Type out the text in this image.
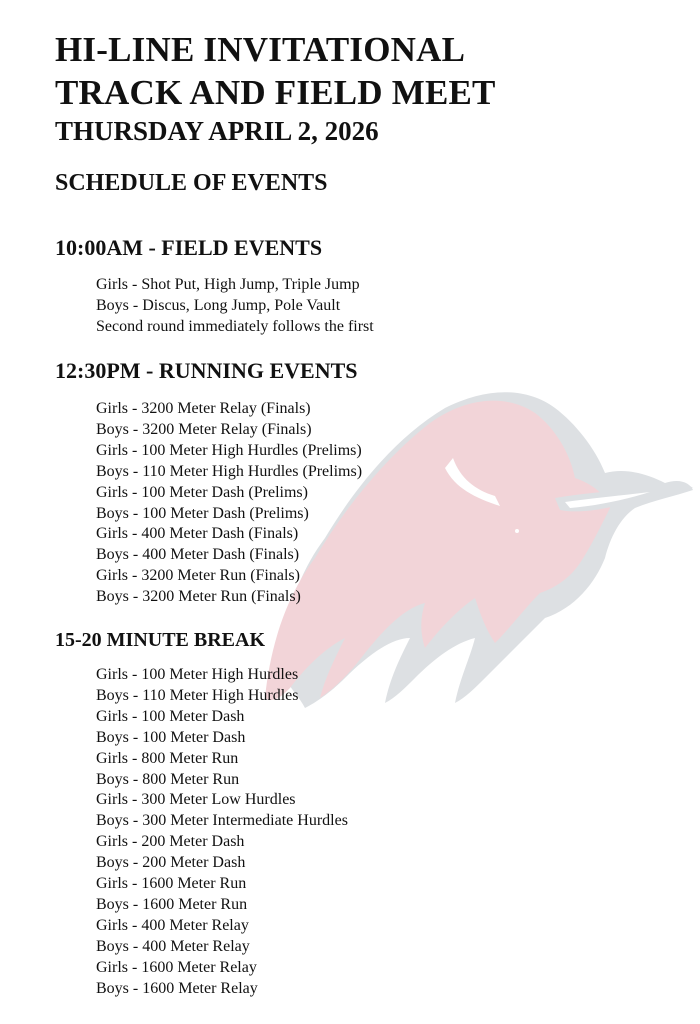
HI-LINE INVITATIONAL
TRACK AND FIELD MEET
THURSDAY APRIL 2, 2026
SCHEDULE OF EVENTS
10:00AM - FIELD EVENTS
Girls - Shot Put, High Jump, Triple Jump
Boys - Discus, Long Jump, Pole Vault
Second round immediately follows the first
12:30PM - RUNNING EVENTS
Girls - 3200 Meter Relay (Finals)
Boys - 3200 Meter Relay (Finals)
Girls - 100 Meter High Hurdles (Prelims)
Boys - 110 Meter High Hurdles (Prelims)
Girls - 100 Meter Dash (Prelims)
Boys - 100 Meter Dash (Prelims)
Girls - 400 Meter Dash (Finals)
Boys - 400 Meter Dash (Finals)
Girls - 3200 Meter Run (Finals)
Boys - 3200 Meter Run (Finals)
15-20 MINUTE BREAK
Girls - 100 Meter High Hurdles
Boys - 110 Meter High Hurdles
Girls - 100 Meter Dash
Boys - 100 Meter Dash
Girls - 800 Meter Run
Boys - 800 Meter Run
Girls - 300 Meter Low Hurdles
Boys - 300 Meter Intermediate Hurdles
Girls - 200 Meter Dash
Boys - 200 Meter Dash
Girls - 1600 Meter Run
Boys - 1600 Meter Run
Girls - 400 Meter Relay
Boys - 400 Meter Relay
Girls - 1600 Meter Relay
Boys - 1600 Meter Relay
